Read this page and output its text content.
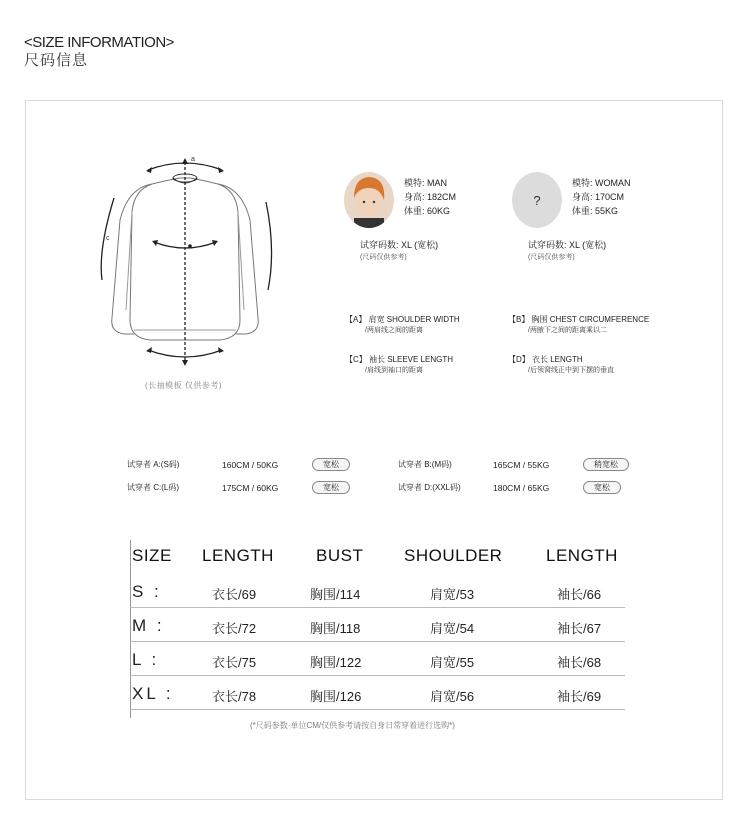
<SIZE INFORMATION>
尺码信息
a
c
(长抽模板 仅供参考)
模特: MAN
身高: 182CM
体重: 60KG
试穿码数: XL (宽松)
(尺码仅供参考)
?
模特: WOMAN
身高: 170CM
体重: 55KG
试穿码数: XL (宽松)
(尺码仅供参考)
【A】 肩宽 SHOULDER WIDTH
/两肩线之间的距离
【B】 胸围 CHEST CIRCUMFERENCE
/两腋下之间的距离乘以二
【C】 袖长 SLEEVE LENGTH
/肩线到袖口的距离
【D】 衣长 LENGTH
/后领窝线正中到下摆的垂直
试穿者 A:(S码)	160CM / 50KG	宽松	试穿者 B:(M码)	165CM / 55KG	稍宽松
试穿者 C:(L码)	175CM / 60KG	宽松	试穿者 D:(XXL码)	180CM / 65KG	宽松
SIZE LENGTH BUST SHOULDER	LENGTH
S :	衣长/69	胸围/114	肩宽/53	袖长/66
M :	衣长/72	胸围/118	肩宽/54	袖长/67
L :	衣长/75	胸围/122	肩宽/55	袖长/68
XL :	衣长/78	胸围/126	肩宽/56	袖长/69
(*尺码参数·单位CM/仅供参考请按自身日常穿着进行选购*)
